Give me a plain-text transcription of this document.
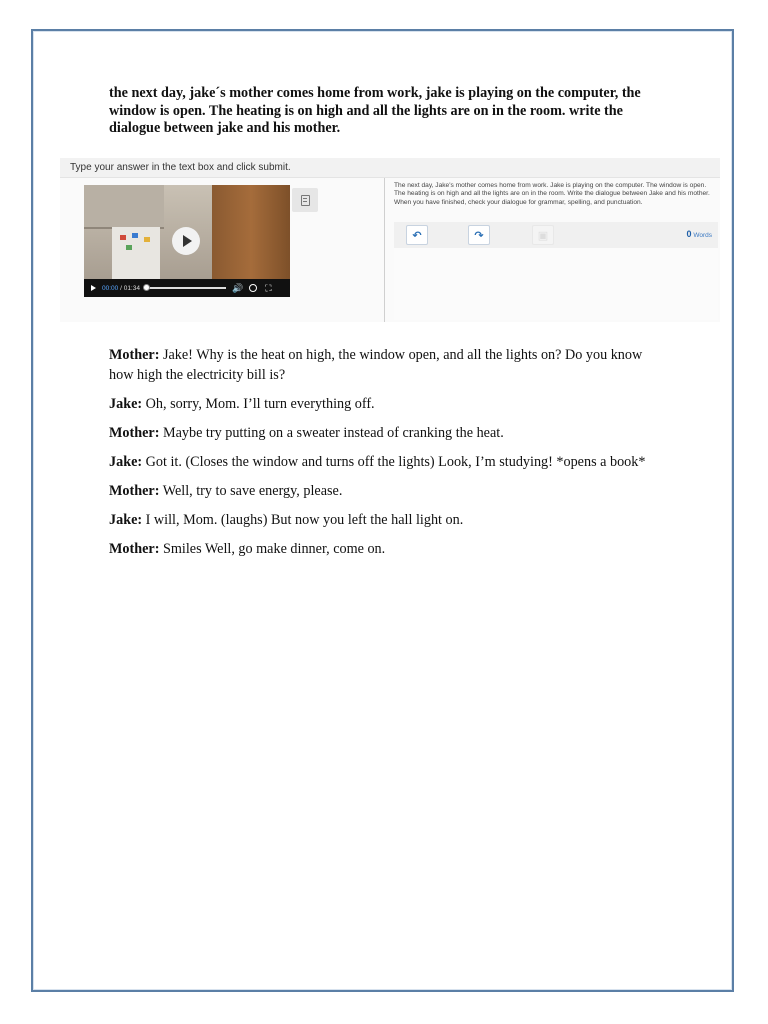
the next day, jake´s mother comes home from work, jake is playing on the computer, the window is open. The heating is on high and all the lights are on in the room. write the dialogue between jake and his mother.
Type your answer in the text box and click submit.
00:00 / 01:34	🔊 ⛶
The next day, Jake's mother comes home from work. Jake is playing on the computer. The window is open. The heating is on high and all the lights are on in the room. Write the dialogue between Jake and his mother. When you have finished, check your dialogue for grammar, spelling, and punctuation.
↶	↷	▣	0 Words

Mother: Jake! Why is the heat on high, the window open, and all the lights on? Do you know how high the electricity bill is?

Jake: Oh, sorry, Mom. I’ll turn everything off.

Mother: Maybe try putting on a sweater instead of cranking the heat.

Jake: Got it. (Closes the window and turns off the lights) Look, I’m studying! *opens a book*

Mother: Well, try to save energy, please.

Jake: I will, Mom. (laughs) But now you left the hall light on.

Mother: Smiles Well, go make dinner, come on.
